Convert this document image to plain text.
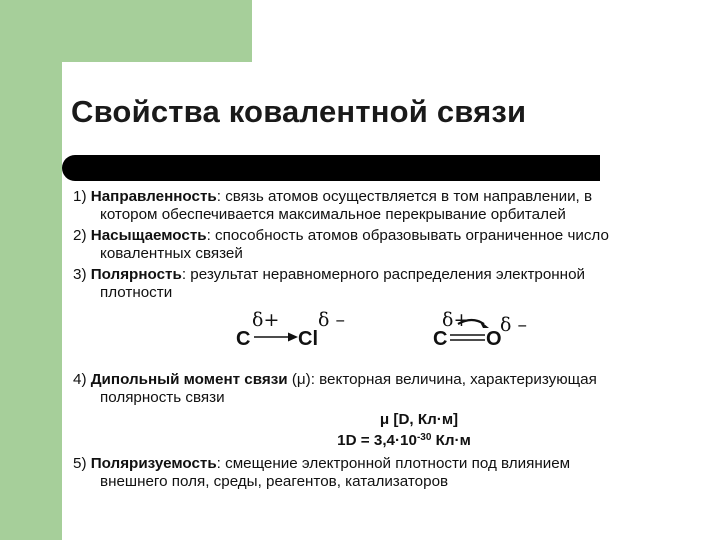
Свойства ковалентной связи
1) Направленность: связь атомов осуществляется в том направлении, в
котором обеспечивается максимальное перекрывание орбиталей
2) Насыщаемость: способность атомов образовывать ограниченное число
ковалентных связей
3) Полярность: результат неравномерного распределения электронной
плотности
δ+ δ –
C Cl
δ+ δ –
C O
4) Дипольный момент связи (μ): векторная величина, характеризующая
полярность связи
μ [D, Кл·м]
$1D = 3,4\cdot 10^{-30}$ Кл·м
5) Поляризуемость: смещение электронной плотности под влиянием
внешнего поля, среды, реагентов, катализаторов
